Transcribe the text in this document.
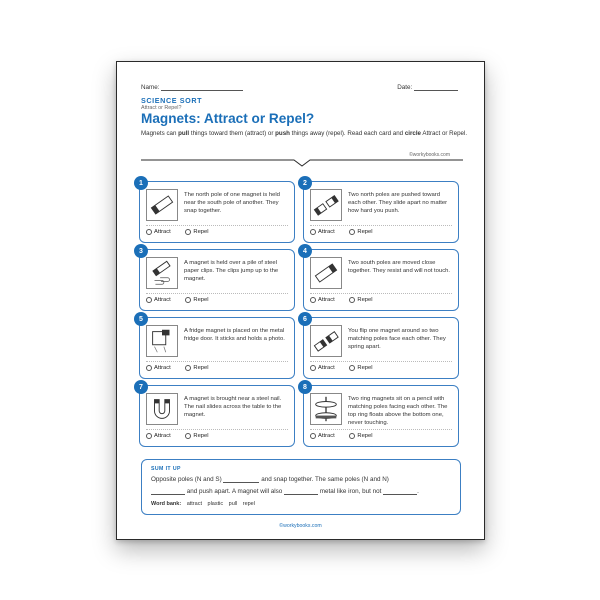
Name:	Date:
SCIENCE SORT
Attract or Repel?
Magnets: Attract or Repel?
Magnets can pull things toward them (attract) or push things away (repel). Read each card and circle Attract or Repel.
©workybooks.com
1
The north pole of one magnet is held near the south pole of another. They snap together.
Attract
	Repel
2
Two north poles are pushed toward each other. They slide apart no matter how hard you push.
Attract
	Repel
3
A magnet is held over a pile of steel paper clips. The clips jump up to the magnet.
Attract
	Repel
4
Two south poles are moved close together. They resist and will not touch.
Attract
	Repel
5
A fridge magnet is placed on the metal fridge door. It sticks and holds a photo.
Attract
	Repel
6
You flip one magnet around so two matching poles face each other. They spring apart.
Attract
	Repel
7
A magnet is brought near a steel nail. The nail slides across the table to the magnet.
Attract
	Repel
8
Two ring magnets sit on a pencil with matching poles facing each other. The top ring floats above the bottom one, never touching.
Attract
	Repel
SUM IT UP
Opposite poles (N and S)	and snap together. The same poles (N and N)
and push apart. A magnet will also	metal like iron, but not	.
Word bank: attract plastic pull repel
©workybooks.com
